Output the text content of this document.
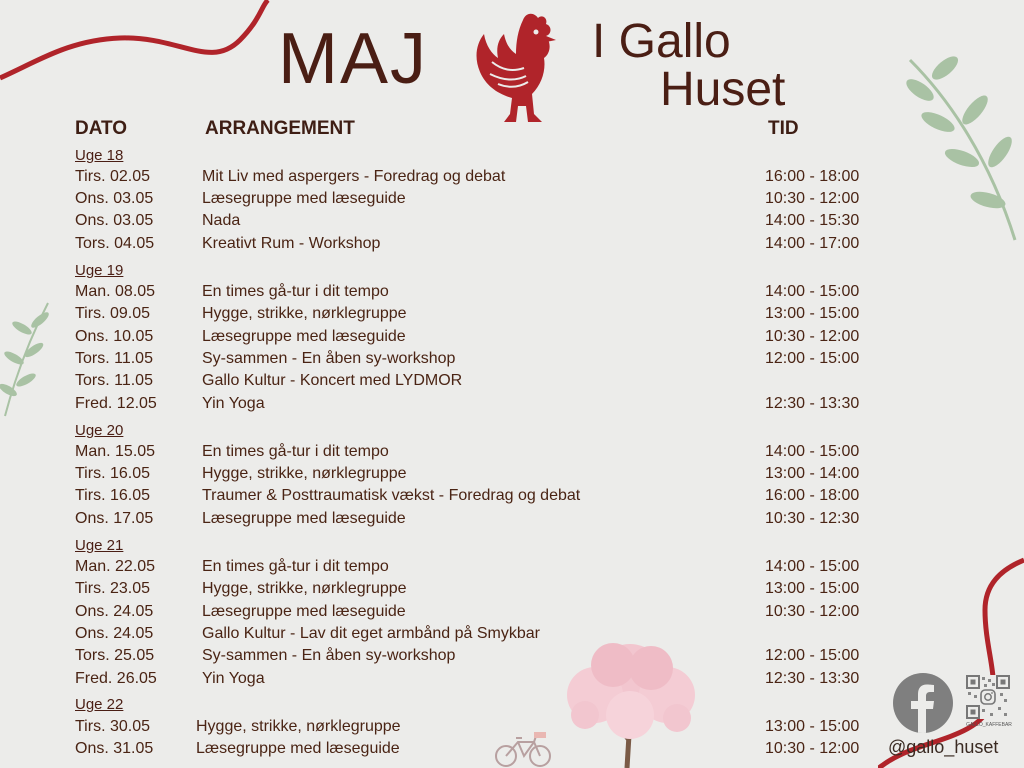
MAJ	I Gallo
Huset
DATO	ARRANGEMENT	TID
Uge 18
Tirs. 02.05	Mit Liv med aspergers - Foredrag og debat	16:00 - 18:00
Ons. 03.05	Læsegruppe med læseguide	10:30 - 12:00
Ons. 03.05	Nada	14:00 - 15:30
Tors. 04.05	Kreativt Rum - Workshop	14:00 - 17:00
Uge 19
Man. 08.05	En times gå-tur i dit tempo	14:00 - 15:00
Tirs. 09.05	Hygge, strikke, nørklegruppe	13:00 - 15:00
Ons. 10.05	Læsegruppe med læseguide	10:30 - 12:00
Tors. 11.05	Sy-sammen - En åben sy-workshop	12:00 - 15:00
Tors. 11.05	Gallo Kultur - Koncert med LYDMOR
Fred. 12.05	Yin Yoga	12:30 - 13:30
Uge 20
Man. 15.05	En times gå-tur i dit tempo	14:00 - 15:00
Tirs. 16.05	Hygge, strikke, nørklegruppe	13:00 - 14:00
Tirs. 16.05	Traumer & Posttraumatisk vækst - Foredrag og debat	16:00 - 18:00
Ons. 17.05	Læsegruppe med læseguide	10:30 - 12:30
Uge 21
Man. 22.05	En times gå-tur i dit tempo	14:00 - 15:00
Tirs. 23.05	Hygge, strikke, nørklegruppe	13:00 - 15:00
Ons. 24.05	Læsegruppe med læseguide	10:30 - 12:00
Ons. 24.05	Gallo Kultur - Lav dit eget armbånd på Smykbar
Tors. 25.05	Sy-sammen - En åben sy-workshop	12:00 - 15:00
Fred. 26.05	Yin Yoga	12:30 - 13:30
Uge 22
Tirs. 30.05	Hygge, strikke, nørklegruppe	13:00 - 15:00
Ons. 31.05	Læsegruppe med læseguide	10:30 - 12:00
GALLO_KAFFEBAR
@gallo_huset
